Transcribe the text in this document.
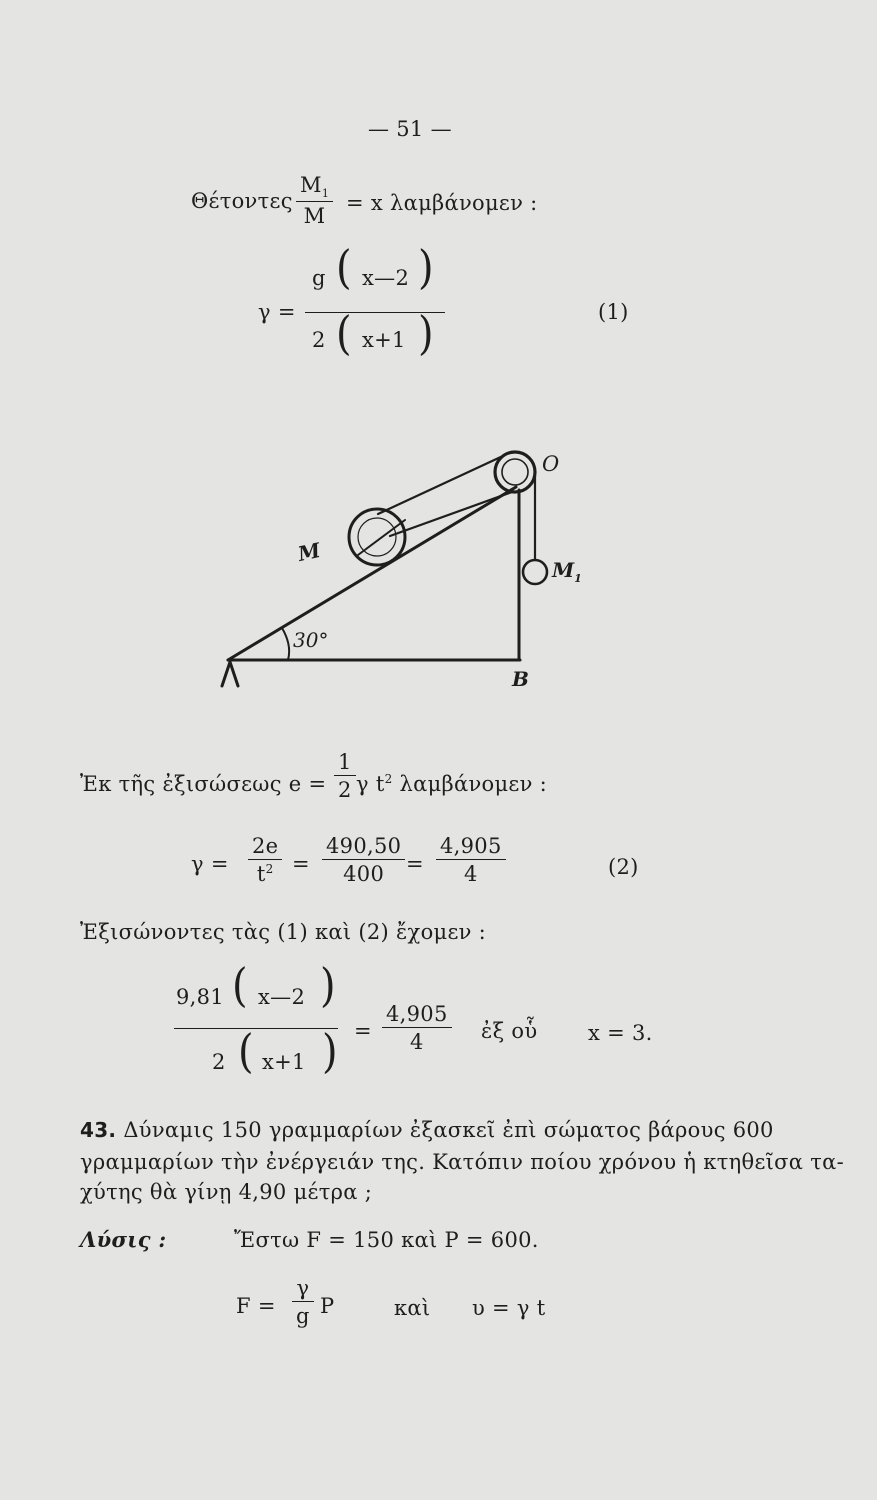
— 51 —
Θέτοντες
$M_1$
M
= x λαμβάνομεν :
γ =
g ( x—2 )
2 ( x+1 )	(1)
M
O
$M_1$
B
30°
Ἐκ τῆς ἐξισώσεως e =
1
2 γ $t^2$ λαμβάνομεν :
γ =
2e
$t^2$ =
490,50
400 =
4,905
4	(2)
Ἐξισώνοντες τὰς (1) καὶ (2) ἔχομεν :
9,81 ( x—2 )
2 ( x+1 ) =
4,905
4	ἐξ οὗ x = 3.
43. Δύναμις 150 γραμμαρίων ἐξασκεῖ ἐπὶ σώματος βάρους 600
γραμμαρίων τὴν ἐνέργειάν της. Κατόπιν ποίου χρόνου ἡ κτηθεῖσα τα-
χύτης θὰ γίνῃ 4,90 μέτρα ;
Λύσις :	Ἔστω F = 150 καὶ P = 600.
F =
γ
g P	καὶ υ = γ t
